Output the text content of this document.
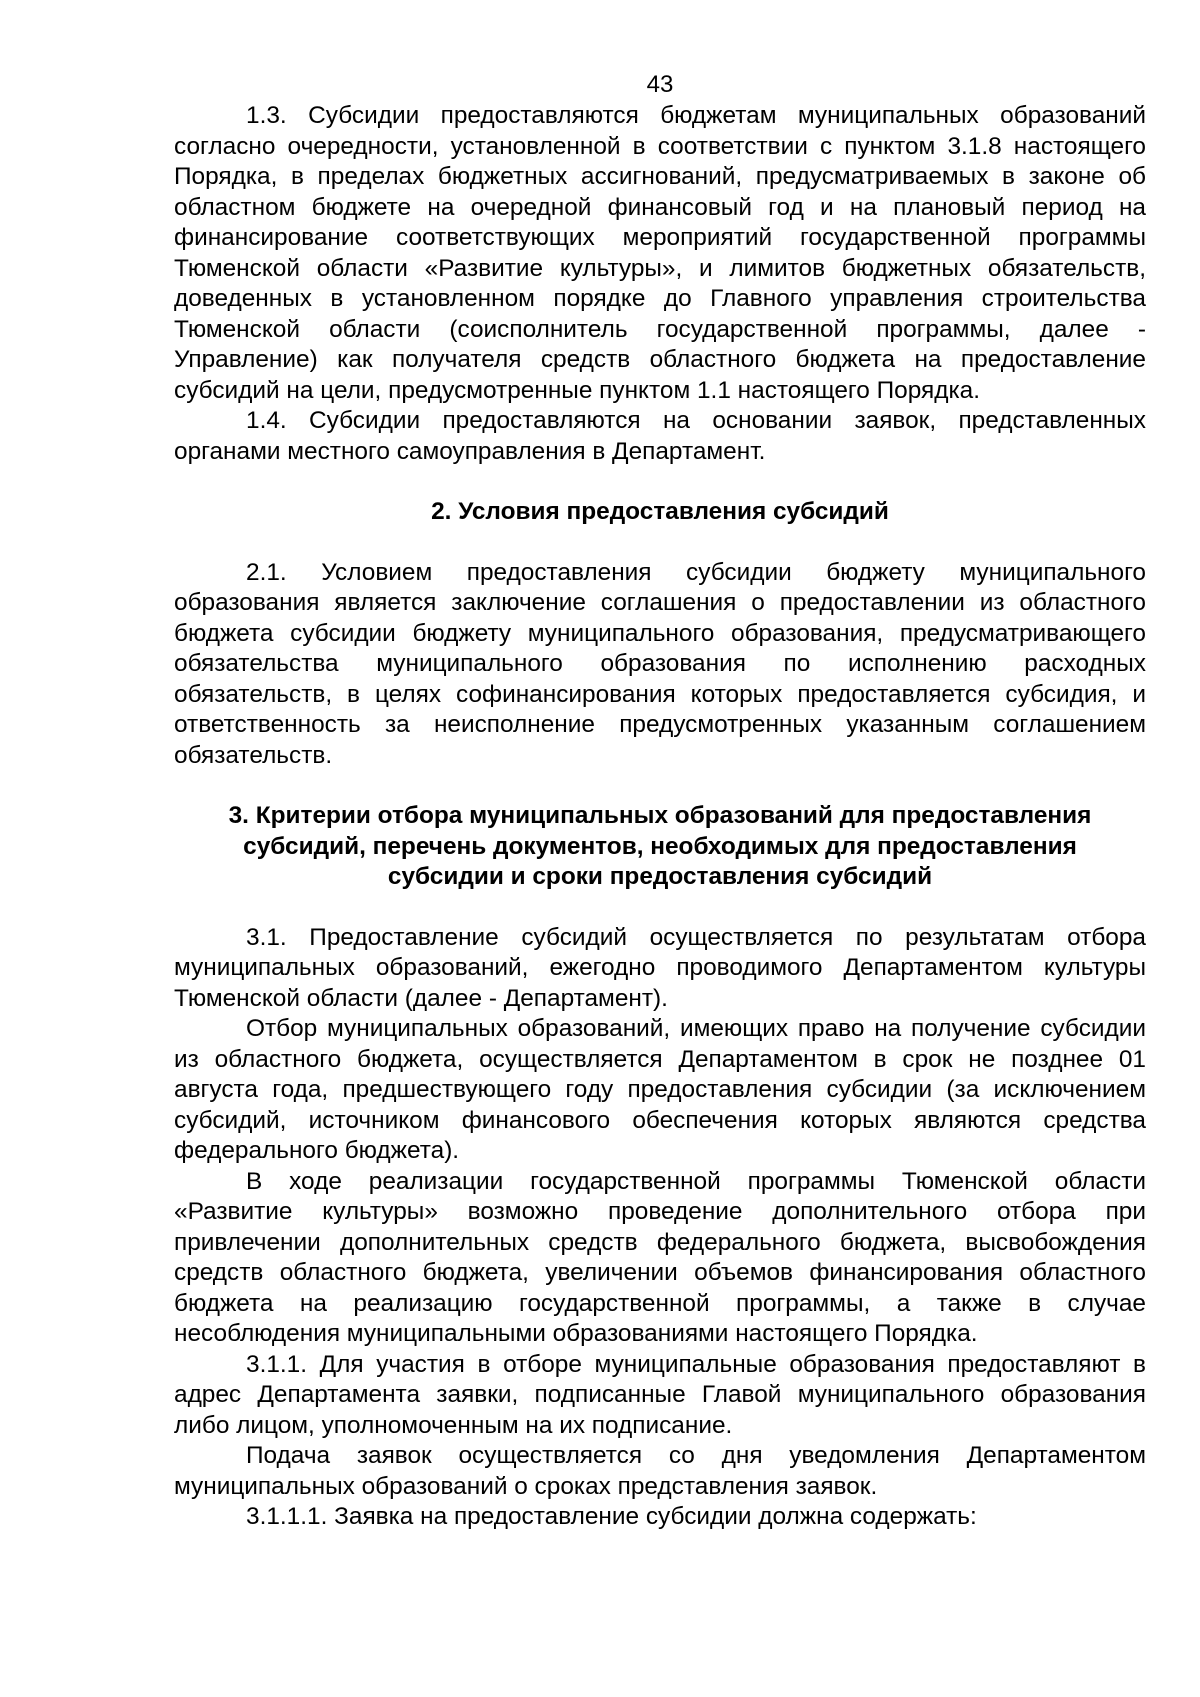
43

1.3. Субсидии предоставляются бюджетам муниципальных образований согласно очередности, установленной в соответствии с пунктом 3.1.8 настоящего Порядка, в пределах бюджетных ассигнований, предусматриваемых в законе об областном бюджете на очередной финансовый год и на плановый период на финансирование соответствующих мероприятий государственной программы Тюменской области «Развитие культуры», и лимитов бюджетных обязательств, доведенных в установленном порядке до Главного управления строительства Тюменской области (соисполнитель государственной программы, далее - Управление) как получателя средств областного бюджета на предоставление субсидий на цели, предусмотренные пунктом 1.1 настоящего Порядка.

1.4. Субсидии предоставляются на основании заявок, представленных органами местного самоуправления в Департамент.

2. Условия предоставления субсидий

2.1. Условием предоставления субсидии бюджету муниципального образования является заключение соглашения о предоставлении из областного бюджета субсидии бюджету муниципального образования, предусматривающего обязательства муниципального образования по исполнению расходных обязательств, в целях софинансирования которых предоставляется субсидия, и ответственность за неисполнение предусмотренных указанным соглашением обязательств.

3. Критерии отбора муниципальных образований для предоставления
субсидий, перечень документов, необходимых для предоставления
субсидии и сроки предоставления субсидий

3.1. Предоставление субсидий осуществляется по результатам отбора муниципальных образований, ежегодно проводимого Департаментом культуры Тюменской области (далее - Департамент).

Отбор муниципальных образований, имеющих право на получение субсидии из областного бюджета, осуществляется Департаментом в срок не позднее 01 августа года, предшествующего году предоставления субсидии (за исключением субсидий, источником финансового обеспечения которых являются средства федерального бюджета).

В ходе реализации государственной программы Тюменской области «Развитие культуры» возможно проведение дополнительного отбора при привлечении дополнительных средств федерального бюджета, высвобождения средств областного бюджета, увеличении объемов финансирования областного бюджета на реализацию государственной программы, а также в случае несоблюдения муниципальными образованиями настоящего Порядка.

3.1.1. Для участия в отборе муниципальные образования предоставляют в адрес Департамента заявки, подписанные Главой муниципального образования либо лицом, уполномоченным на их подписание.

Подача заявок осуществляется со дня уведомления Департаментом муниципальных образований о сроках представления заявок.

3.1.1.1. Заявка на предоставление субсидии должна содержать:
